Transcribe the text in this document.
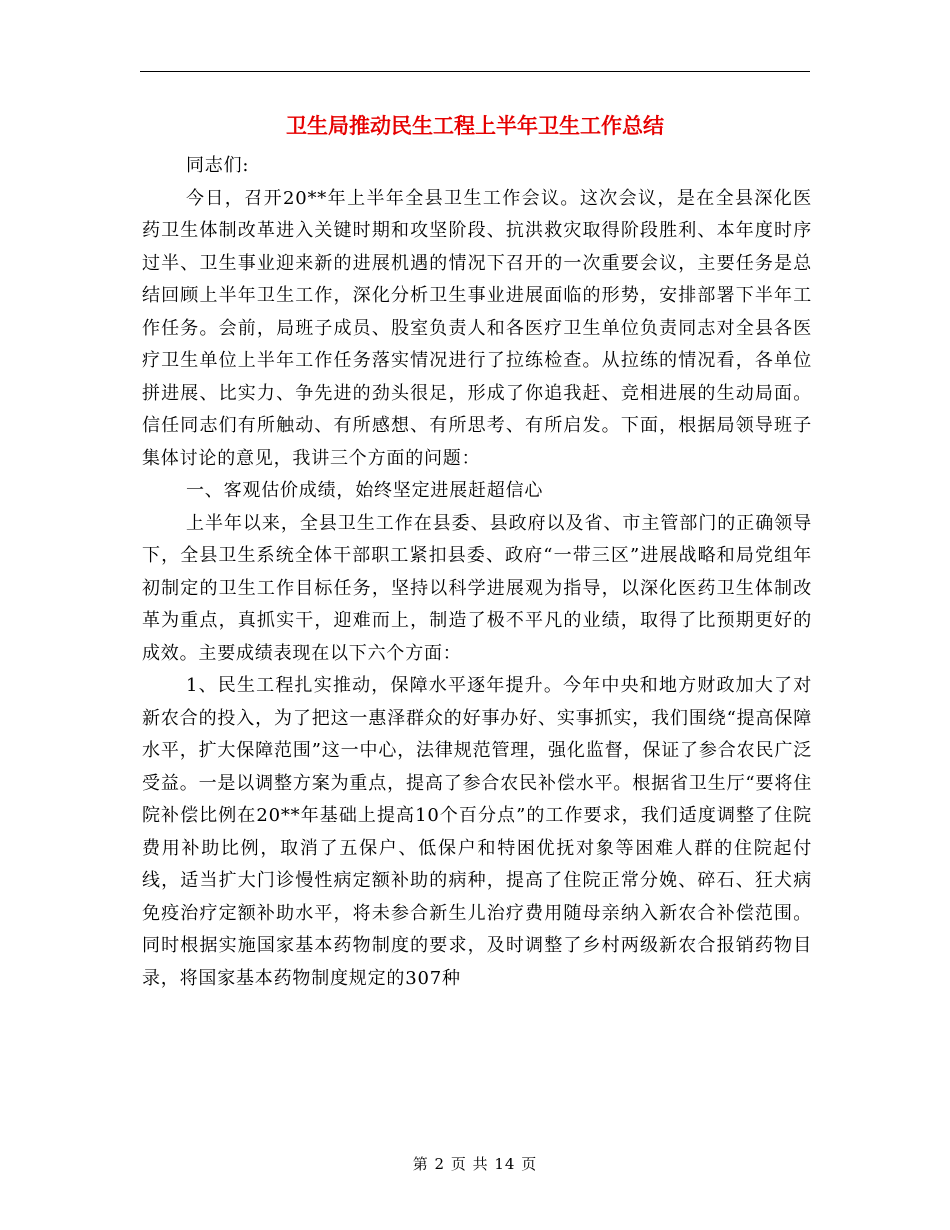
卫生局推动民生工程上半年卫生工作总结

同志们:

今日，召开20**年上半年全县卫生工作会议。这次会议，是在全县深化医药卫生体制改革进入关键时期和攻坚阶段、抗洪救灾取得阶段胜利、本年度时序过半、卫生事业迎来新的进展机遇的情况下召开的一次重要会议，主要任务是总结回顾上半年卫生工作，深化分析卫生事业进展面临的形势，安排部署下半年工作任务。会前，局班子成员、股室负责人和各医疗卫生单位负责同志对全县各医疗卫生单位上半年工作任务落实情况进行了拉练检查。从拉练的情况看，各单位拼进展、比实力、争先进的劲头很足，形成了你追我赶、竞相进展的生动局面。信任同志们有所触动、有所感想、有所思考、有所启发。下面，根据局领导班子集体讨论的意见，我讲三个方面的问题：

一、客观估价成绩，始终坚定进展赶超信心

上半年以来，全县卫生工作在县委、县政府以及省、市主管部门的正确领导下，全县卫生系统全体干部职工紧扣县委、政府“一带三区”进展战略和局党组年初制定的卫生工作目标任务，坚持以科学进展观为指导，以深化医药卫生体制改革为重点，真抓实干，迎难而上，制造了极不平凡的业绩，取得了比预期更好的成效。主要成绩表现在以下六个方面：

1、民生工程扎实推动，保障水平逐年提升。今年中央和地方财政加大了对新农合的投入，为了把这一惠泽群众的好事办好、实事抓实，我们围绕“提高保障水平，扩大保障范围”这一中心，法律规范管理，强化监督，保证了参合农民广泛受益。一是以调整方案为重点，提高了参合农民补偿水平。根据省卫生厅“要将住院补偿比例在20**年基础上提高10个百分点”的工作要求，我们适度调整了住院费用补助比例，取消了五保户、低保户和特困优抚对象等困难人群的住院起付线，适当扩大门诊慢性病定额补助的病种，提高了住院正常分娩、碎石、狂犬病免疫治疗定额补助水平，将未参合新生儿治疗费用随母亲纳入新农合补偿范围。同时根据实施国家基本药物制度的要求，及时调整了乡村两级新农合报销药物目录，将国家基本药物制度规定的307种

第 2 页 共 14 页
